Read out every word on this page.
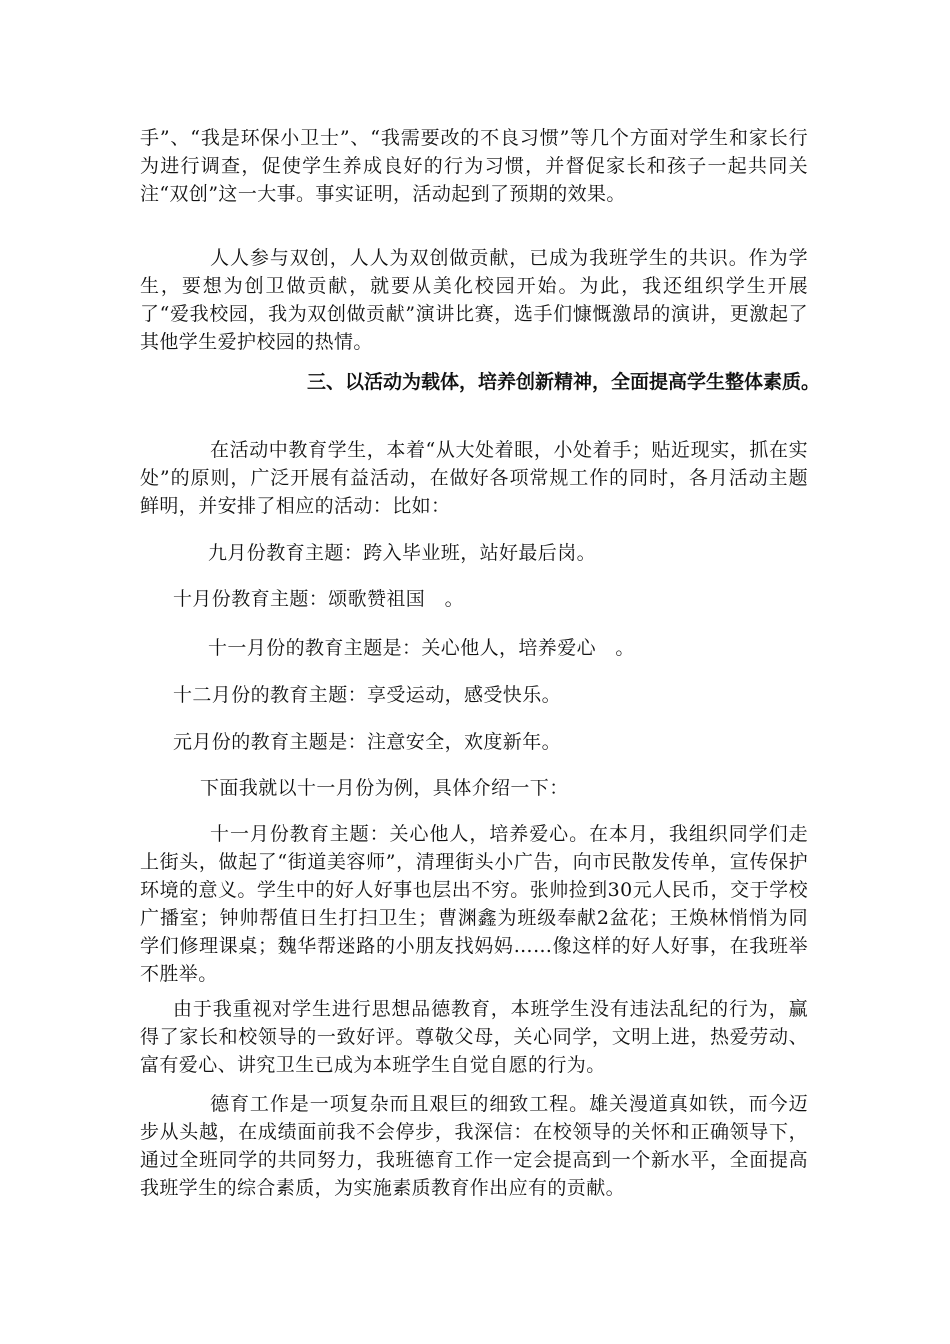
手”、“我是环保小卫士”、“我需要改的不良习惯”等几个方面对学生和家长行为进行调查，促使学生养成良好的行为习惯，并督促家长和孩子一起共同关注“双创”这一大事。事实证明，活动起到了预期的效果。

人人参与双创，人人为双创做贡献，已成为我班学生的共识。作为学生，要想为创卫做贡献，就要从美化校园开始。为此，我还组织学生开展了“爱我校园，我为双创做贡献”演讲比赛，选手们慷慨激昂的演讲，更激起了其他学生爱护校园的热情。

三、以活动为载体，培养创新精神，全面提高学生整体素质。

在活动中教育学生，本着“从大处着眼，小处着手；贴近现实，抓在实处”的原则，广泛开展有益活动，在做好各项常规工作的同时，各月活动主题鲜明，并安排了相应的活动：比如：

九月份教育主题：跨入毕业班，站好最后岗。

十月份教育主题：颂歌赞祖国　。

十一月份的教育主题是：关心他人，培养爱心　。

十二月份的教育主题：享受运动，感受快乐。

元月份的教育主题是：注意安全，欢度新年。

下面我就以十一月份为例，具体介绍一下：

十一月份教育主题：关心他人，培养爱心。在本月，我组织同学们走上街头，做起了“街道美容师”，清理街头小广告，向市民散发传单，宣传保护环境的意义。学生中的好人好事也层出不穷。张帅捡到30元人民币，交于学校广播室；钟帅帮值日生打扫卫生；曹渊鑫为班级奉献2盆花；王焕林悄悄为同学们修理课桌；魏华帮迷路的小朋友找妈妈……像这样的好人好事，在我班举不胜举。

由于我重视对学生进行思想品德教育，本班学生没有违法乱纪的行为，赢得了家长和校领导的一致好评。尊敬父母，关心同学，文明上进，热爱劳动、富有爱心、讲究卫生已成为本班学生自觉自愿的行为。

德育工作是一项复杂而且艰巨的细致工程。雄关漫道真如铁，而今迈步从头越，在成绩面前我不会停步，我深信：在校领导的关怀和正确领导下，通过全班同学的共同努力，我班德育工作一定会提高到一个新水平，全面提高我班学生的综合素质，为实施素质教育作出应有的贡献。
